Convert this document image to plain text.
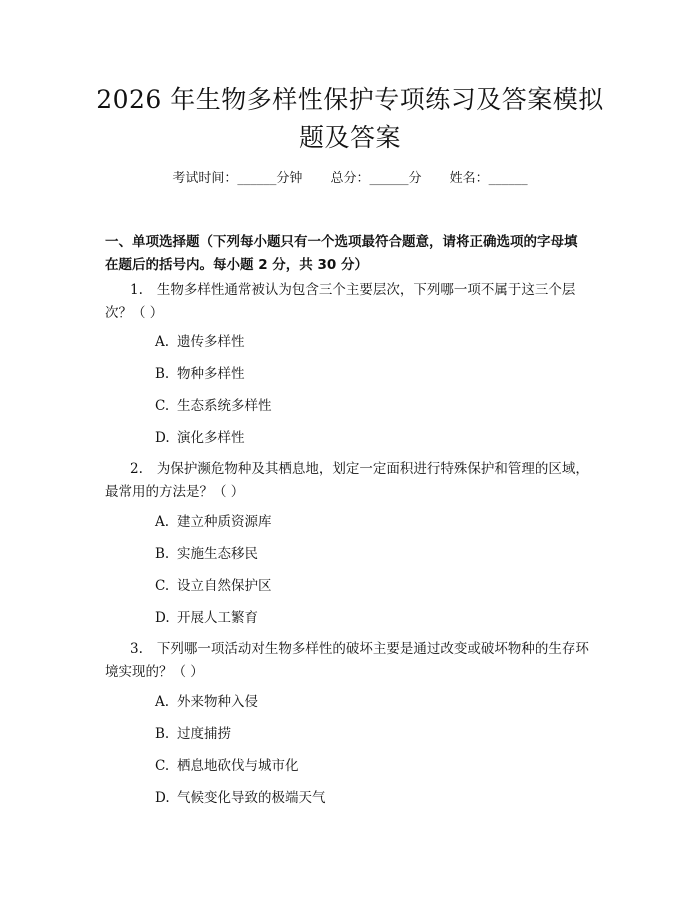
2026 年生物多样性保护专项练习及答案模拟
题及答案
考试时间：______分钟 总分：______分 姓名：______
一、单项选择题（下列每小题只有一个选项最符合题意，请将正确选项的字母填
在题后的括号内。每小题 2 分，共 30 分）
1. 生物多样性通常被认为包含三个主要层次，下列哪一项不属于这三个层
次？（ ）
A. 遗传多样性
B. 物种多样性
C. 生态系统多样性
D. 演化多样性
2. 为保护濒危物种及其栖息地，划定一定面积进行特殊保护和管理的区域，
最常用的方法是？（ ）
A. 建立种质资源库
B. 实施生态移民
C. 设立自然保护区
D. 开展人工繁育
3. 下列哪一项活动对生物多样性的破坏主要是通过改变或破坏物种的生存环
境实现的？（ ）
A. 外来物种入侵
B. 过度捕捞
C. 栖息地砍伐与城市化
D. 气候变化导致的极端天气
